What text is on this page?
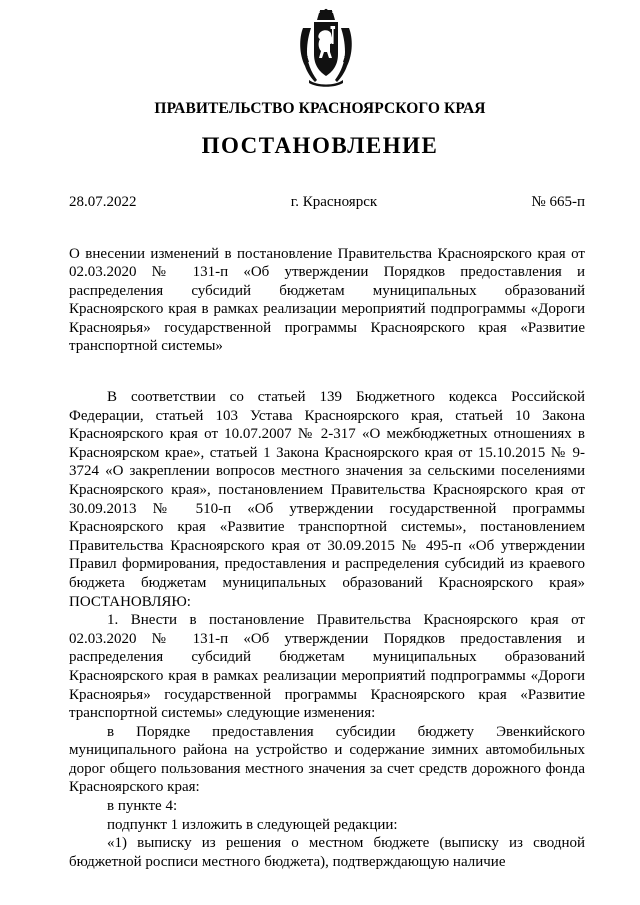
ПРАВИТЕЛЬСТВО КРАСНОЯРСКОГО КРАЯ
ПОСТАНОВЛЕНИЕ
28.07.2022	г. Красноярск	№ 665-п
О внесении изменений в постановление Правительства Красноярского края от 02.03.2020 № 131-п «Об утверждении Порядков предоставления и распределения субсидий бюджетам муниципальных образований Красноярского края в рамках реализации мероприятий подпрограммы «Дороги Красноярья» государственной программы Красноярского края «Развитие транспортной системы»

В соответствии со статьей 139 Бюджетного кодекса Российской Федерации, статьей 103 Устава Красноярского края, статьей 10 Закона Красноярского края от 10.07.2007 № 2-317 «О межбюджетных отношениях в Красноярском крае», статьей 1 Закона Красноярского края от 15.10.2015 № 9-3724 «О закреплении вопросов местного значения за сельскими поселениями Красноярского края», постановлением Правительства Красноярского края от 30.09.2013 № 510-п «Об утверждении государственной программы Красноярского края «Развитие транспортной системы», постановлением Правительства Красноярского края от 30.09.2015 № 495-п «Об утверждении Правил формирования, предоставления и распределения субсидий из краевого бюджета бюджетам муниципальных образований Красноярского края» ПОСТАНОВЛЯЮ:

1. Внести в постановление Правительства Красноярского края от 02.03.2020 № 131-п «Об утверждении Порядков предоставления и распределения субсидий бюджетам муниципальных образований Красноярского края в рамках реализации мероприятий подпрограммы «Дороги Красноярья» государственной программы Красноярского края «Развитие транспортной системы» следующие изменения:

в Порядке предоставления субсидии бюджету Эвенкийского муниципального района на устройство и содержание зимних автомобильных дорог общего пользования местного значения за счет средств дорожного фонда Красноярского края:

в пункте 4:

подпункт 1 изложить в следующей редакции:

«1) выписку из решения о местном бюджете (выписку из сводной бюджетной росписи местного бюджета), подтверждающую наличие
